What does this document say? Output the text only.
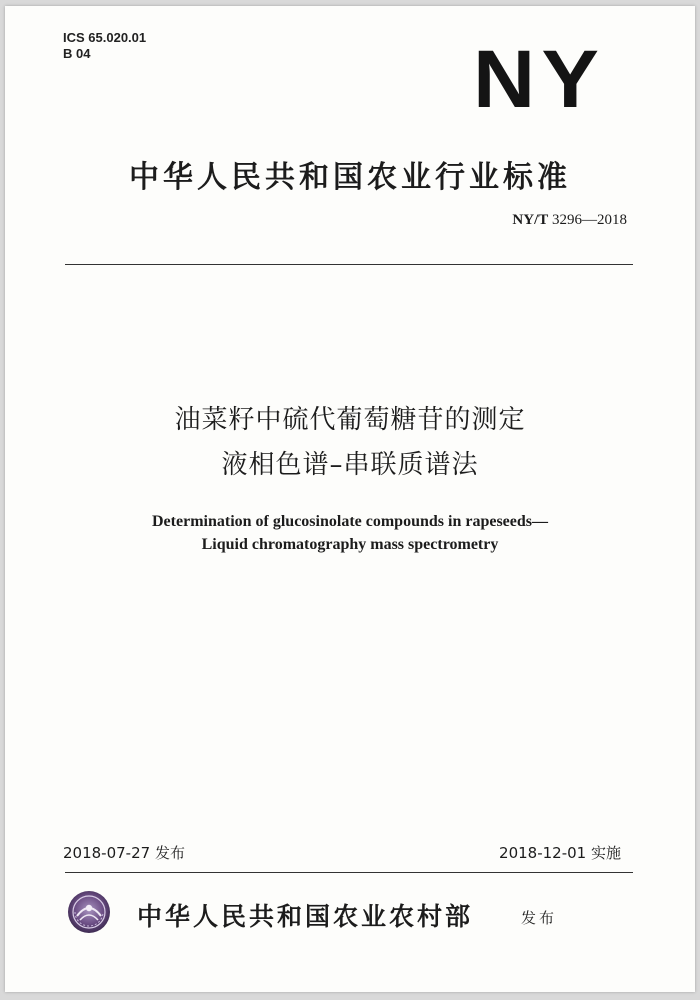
ICS 65.020.01
B 04	NY
中华人民共和国农业行业标准
NY/T 3296—2018
油菜籽中硫代葡萄糖苷的测定
液相色谱–串联质谱法
Determination of glucosinolate compounds in rapeseeds—
Liquid chromatography mass spectrometry
2018-07-27 发布	2018-12-01 实施
中华人民共和国农业农村部	发布
